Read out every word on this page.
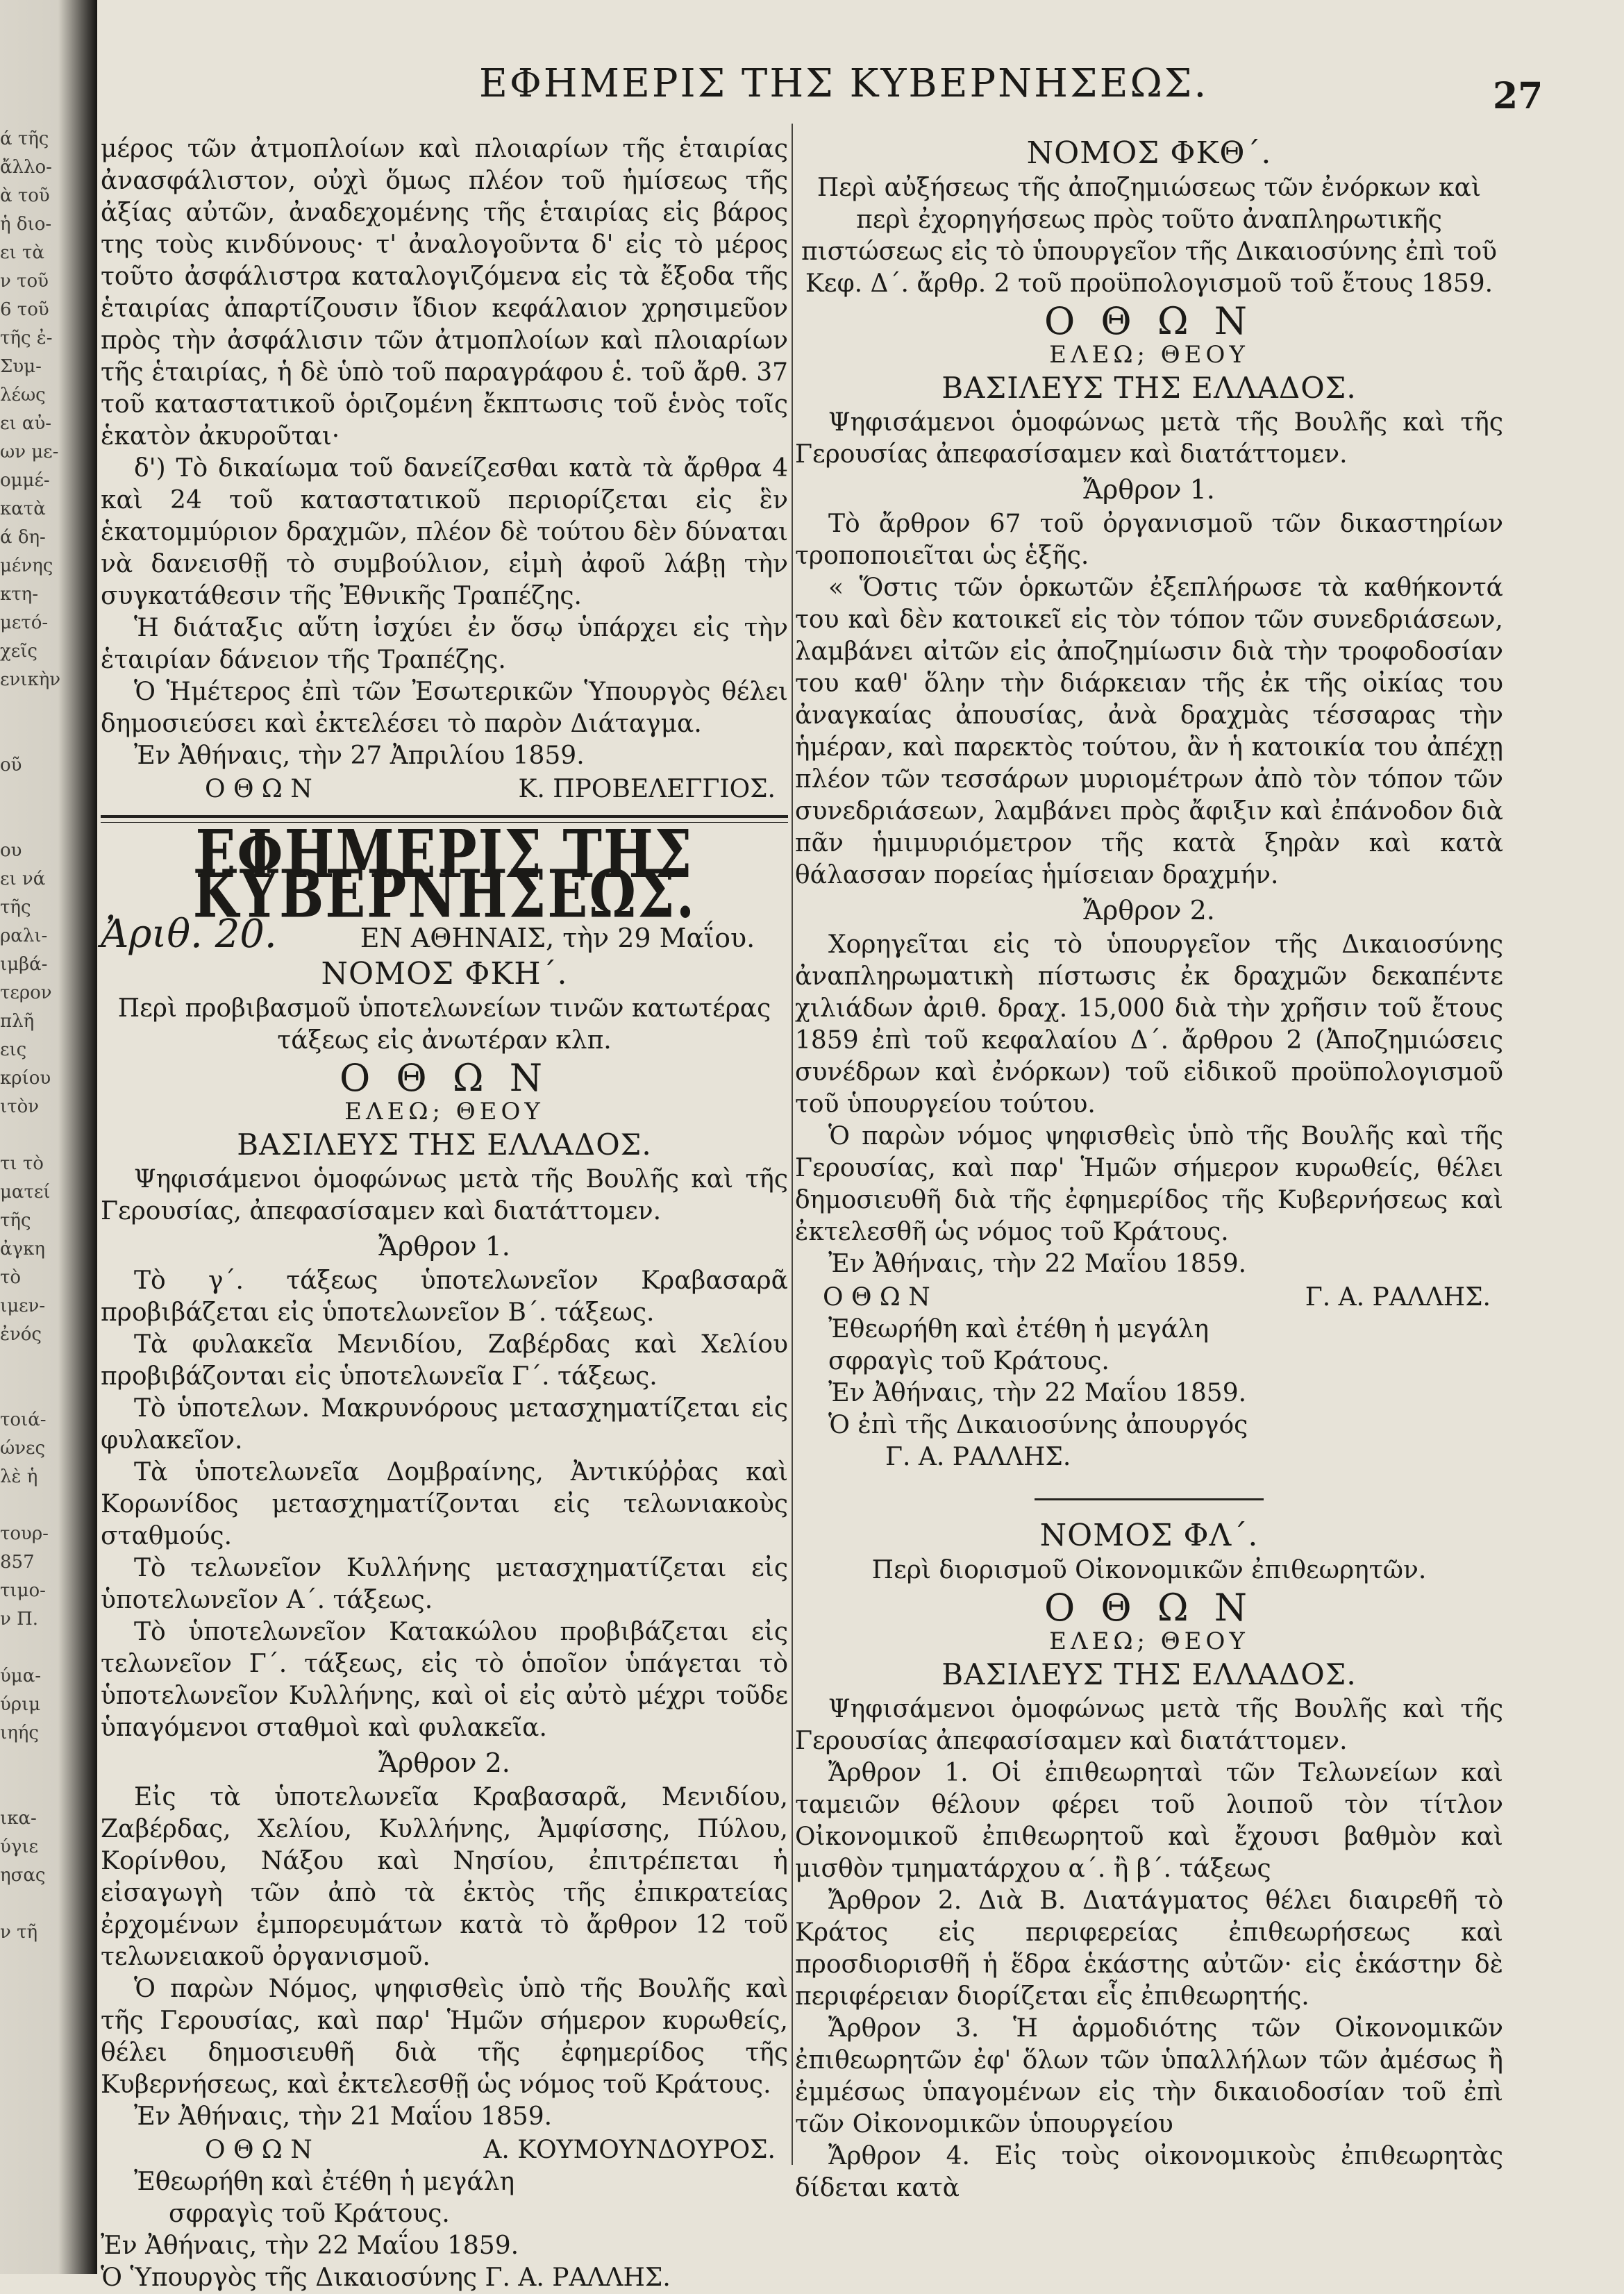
ά τῆς
ἄλλο-
ὰ τοῦ
ἡ διο-
ει τὰ
ν τοῦ
6 τοῦ
τῆς ἐ-
Συμ-
λέως
ει αὐ-
ων με-
ομμέ-
κατὰ
ά δη-
μένης
κτη-
μετό-
χεῖς
ενικὴν

οῦ

ου
ει νά
τῆς
ραλι-
ιμβά-
τερον
πλῆ
εις
κρίου
ιτὸν

τι τὸ
ματεί
τῆς
ἀγκη
τὸ
ιμεν-
ἐνός

τοιά-
ώνες
λὲ ἡ

τουρ-
857
τιμο-
ν Π.

ύμα-
ύριμ
ιηής

ικα-
ύγιε
ησας

ν τῆ
ΕΦΗΜΕΡΙΣ ΤΗΣ ΚΥΒΕΡΝΗΣΕΩΣ.	27

μέρος τῶν ἀτμοπλοίων καὶ πλοιαρίων τῆς ἑταιρίας ἀνασφάλιστον, οὐχὶ ὅμως πλέον τοῦ ἡμίσεως τῆς ἀξίας αὐτῶν, ἀναδεχομένης τῆς ἑταιρίας εἰς βάρος της τοὺς κινδύνους· τ' ἀναλογοῦντα δ' εἰς τὸ μέρος τοῦτο ἀσφάλιστρα καταλογιζόμενα εἰς τὰ ἔξοδα τῆς ἑταιρίας ἀπαρτίζουσιν ἴδιον κεφάλαιον χρησιμεῦον πρὸς τὴν ἀσφάλισιν τῶν ἀτμοπλοίων καὶ πλοιαρίων τῆς ἑταιρίας, ἡ δὲ ὑπὸ τοῦ παραγράφου ἑ. τοῦ ἄρθ. 37 τοῦ καταστατικοῦ ὁριζομένη ἔκπτωσις τοῦ ἑνὸς τοῖς ἑκατὸν ἀκυροῦται·

δ') Τὸ δικαίωμα τοῦ δανείζεσθαι κατὰ τὰ ἄρθρα 4 καὶ 24 τοῦ καταστατικοῦ περιορίζεται εἰς ἓν ἑκατομμύριον δραχμῶν, πλέον δὲ τούτου δὲν δύναται νὰ δανεισθῇ τὸ συμβούλιον, εἰμὴ ἀφοῦ λάβῃ τὴν συγκατάθεσιν τῆς Ἐθνικῆς Τραπέζης.

Ἡ διάταξις αὕτη ἰσχύει ἐν ὅσῳ ὑπάρχει εἰς τὴν ἑταιρίαν δάνειον τῆς Τραπέζης.

Ὁ Ἡμέτερος ἐπὶ τῶν Ἐσωτερικῶν Ὑπουργὸς θέλει δημοσιεύσει καὶ ἐκτελέσει τὸ παρὸν Διάταγμα.

Ἐν Ἀθήναις, τὴν 27 Ἀπριλίου 1859.

Ο Θ Ω Ν	Κ. ΠΡΟΒΕΛΕΓΓΙΟΣ.
ΕΦΗΜΕΡΙΣ ΤΗΣ ΚΥΒΕΡΝΗΣΕΩΣ.
Ἀριθ. 20.	ΕΝ ΑΘΗΝΑΙΣ, τὴν 29 Μαΐου.
ΝΟΜΟΣ ΦΚΗ΄.

Περὶ προβιβασμοῦ ὑποτελωνείων τινῶν κατωτέρας τάξεως εἰς ἀνωτέραν κλπ.

Ο Θ Ω Ν
ΕΛΕΩ; ΘΕΟΥ
ΒΑΣΙΛΕΥΣ ΤΗΣ ΕΛΛΑΔΟΣ.

Ψηφισάμενοι ὁμοφώνως μετὰ τῆς Βουλῆς καὶ τῆς Γερουσίας, ἀπεφασίσαμεν καὶ διατάττομεν.

Ἄρθρον 1.

Τὸ γ΄. τάξεως ὑποτελωνεῖον Κραβασαρᾶ προβιβάζεται εἰς ὑποτελωνεῖον Β΄. τάξεως.

Τὰ φυλακεῖα Μενιδίου, Ζαβέρδας καὶ Χελίου προβιβάζονται εἰς ὑποτελωνεῖα Γ΄. τάξεως.

Τὸ ὑποτελων. Μακρυνόρους μετασχηματίζεται εἰς φυλακεῖον.

Τὰ ὑποτελωνεῖα Δομβραίνης, Ἀντικύῤῥας καὶ Κορωνίδος μετασχηματίζονται εἰς τελωνιακοὺς σταθμούς.

Τὸ τελωνεῖον Κυλλήνης μετασχηματίζεται εἰς ὑποτελωνεῖον Α΄. τάξεως.

Τὸ ὑποτελωνεῖον Κατακώλου προβιβάζεται εἰς τελωνεῖον Γ΄. τάξεως, εἰς τὸ ὁποῖον ὑπάγεται τὸ ὑποτελωνεῖον Κυλλήνης, καὶ οἱ εἰς αὐτὸ μέχρι τοῦδε ὑπαγόμενοι σταθμοὶ καὶ φυλακεῖα.

Ἄρθρον 2.

Εἰς τὰ ὑποτελωνεῖα Κραβασαρᾶ, Μενιδίου, Ζαβέρδας, Χελίου, Κυλλήνης, Ἀμφίσσης, Πύλου, Κορίνθου, Νάξου καὶ Νησίου, ἐπιτρέπεται ἡ εἰσαγωγὴ τῶν ἀπὸ τὰ ἐκτὸς τῆς ἐπικρατείας ἐρχομένων ἐμπορευμάτων κατὰ τὸ ἄρθρον 12 τοῦ τελωνειακοῦ ὀργανισμοῦ.

Ὁ παρὼν Νόμος, ψηφισθεὶς ὑπὸ τῆς Βουλῆς καὶ τῆς Γερουσίας, καὶ παρ' Ἡμῶν σήμερον κυρωθείς, θέλει δημοσιευθῆ διὰ τῆς ἐφημερίδος τῆς Κυβερνήσεως, καὶ ἐκτελεσθῇ ὡς νόμος τοῦ Κράτους.

Ἐν Ἀθήναις, τὴν 21 Μαΐου 1859.

Ο Θ Ω Ν	Α. ΚΟΥΜΟΥΝΔΟΥΡΟΣ.

Ἐθεωρήθη καὶ ἐτέθη ἡ μεγάλη

σφραγὶς τοῦ Κράτους.

Ἐν Ἀθήναις, τὴν 22 Μαΐου 1859.

Ὁ Ὑπουργὸς τῆς Δικαιοσύνης Γ. Α. ΡΑΛΛΗΣ.

ΝΟΜΟΣ ΦΚΘ΄.

Περὶ αὐξήσεως τῆς ἀποζημιώσεως τῶν ἐνόρκων καὶ περὶ ἐχορηγήσεως πρὸς τοῦτο ἀναπληρωτικῆς πιστώσεως εἰς τὸ ὑπουργεῖον τῆς Δικαιοσύνης ἐπὶ τοῦ Κεφ. Δ΄. ἄρθρ. 2 τοῦ προϋπολογισμοῦ τοῦ ἔτους 1859.

Ο Θ Ω Ν
ΕΛΕΩ; ΘΕΟΥ
ΒΑΣΙΛΕΥΣ ΤΗΣ ΕΛΛΑΔΟΣ.

Ψηφισάμενοι ὁμοφώνως μετὰ τῆς Βουλῆς καὶ τῆς Γερουσίας ἀπεφασίσαμεν καὶ διατάττομεν.

Ἄρθρον 1.

Τὸ ἄρθρον 67 τοῦ ὀργανισμοῦ τῶν δικαστηρίων τροποποιεῖται ὡς ἑξῆς.

« Ὅστις τῶν ὁρκωτῶν ἐξεπλήρωσε τὰ καθήκοντά του καὶ δὲν κατοικεῖ εἰς τὸν τόπον τῶν συνεδριάσεων, λαμβάνει αἰτῶν εἰς ἀποζημίωσιν διὰ τὴν τροφοδοσίαν του καθ' ὅλην τὴν διάρκειαν τῆς ἐκ τῆς οἰκίας του ἀναγκαίας ἀπουσίας, ἀνὰ δραχμὰς τέσσαρας τὴν ἡμέραν, καὶ παρεκτὸς τούτου, ἂν ἡ κατοικία του ἀπέχῃ πλέον τῶν τεσσάρων μυριομέτρων ἀπὸ τὸν τόπον τῶν συνεδριάσεων, λαμβάνει πρὸς ἄφιξιν καὶ ἐπάνοδον διὰ πᾶν ἡμιμυριόμετρον τῆς κατὰ ξηρὰν καὶ κατὰ θάλασσαν πορείας ἡμίσειαν δραχμήν.

Ἄρθρον 2.

Χορηγεῖται εἰς τὸ ὑπουργεῖον τῆς Δικαιοσύνης ἀναπληρωματικὴ πίστωσις ἐκ δραχμῶν δεκαπέντε χιλιάδων ἀριθ. δραχ. 15,000 διὰ τὴν χρῆσιν τοῦ ἔτους 1859 ἐπὶ τοῦ κεφαλαίου Δ΄. ἄρθρου 2 (Ἀποζημιώσεις συνέδρων καὶ ἐνόρκων) τοῦ εἰδικοῦ προϋπολογισμοῦ τοῦ ὑπουργείου τούτου.

Ὁ παρὼν νόμος ψηφισθεὶς ὑπὸ τῆς Βουλῆς καὶ τῆς Γερουσίας, καὶ παρ' Ἡμῶν σήμερον κυρωθείς, θέλει δημοσιευθῆ διὰ τῆς ἐφημερίδος τῆς Κυβερνήσεως καὶ ἐκτελεσθῆ ὡς νόμος τοῦ Κράτους.

Ἐν Ἀθήναις, τὴν 22 Μαΐου 1859.

Ο Θ Ω Ν	Γ. Α. ΡΑΛΛΗΣ.

Ἐθεωρήθη καὶ ἐτέθη ἡ μεγάλη

σφραγὶς τοῦ Κράτους.

Ἐν Ἀθήναις, τὴν 22 Μαΐου 1859.

Ὁ ἐπὶ τῆς Δικαιοσύνης ἀπουργός

Γ. Α. ΡΑΛΛΗΣ.

ΝΟΜΟΣ ΦΛ΄.

Περὶ διορισμοῦ Οἰκονομικῶν ἐπιθεωρητῶν.

Ο Θ Ω Ν
ΕΛΕΩ; ΘΕΟΥ
ΒΑΣΙΛΕΥΣ ΤΗΣ ΕΛΛΑΔΟΣ.

Ψηφισάμενοι ὁμοφώνως μετὰ τῆς Βουλῆς καὶ τῆς Γερουσίας ἀπεφασίσαμεν καὶ διατάττομεν.

Ἄρθρον 1. Οἱ ἐπιθεωρηταὶ τῶν Τελωνείων καὶ ταμειῶν θέλουν φέρει τοῦ λοιποῦ τὸν τίτλον Οἰκονομικοῦ ἐπιθεωρητοῦ καὶ ἔχουσι βαθμὸν καὶ μισθὸν τμηματάρχου α΄. ἢ β΄. τάξεως

Ἄρθρον 2. Διὰ Β. Διατάγματος θέλει διαιρεθῆ τὸ Κράτος εἰς περιφερείας ἐπιθεωρήσεως καὶ προσδιορισθῆ ἡ ἕδρα ἑκάστης αὐτῶν· εἰς ἑκάστην δὲ περιφέρειαν διορίζεται εἷς ἐπιθεωρητής.

Ἄρθρον 3. Ἡ ἁρμοδιότης τῶν Οἰκονομικῶν ἐπιθεωρητῶν ἐφ' ὅλων τῶν ὑπαλλήλων τῶν ἀμέσως ἢ ἐμμέσως ὑπαγομένων εἰς τὴν δικαιοδοσίαν τοῦ ἐπὶ τῶν Οἰκονομικῶν ὑπουργείου

Ἄρθρον 4. Εἰς τοὺς οἰκονομικοὺς ἐπιθεωρητὰς δίδεται κατὰ
